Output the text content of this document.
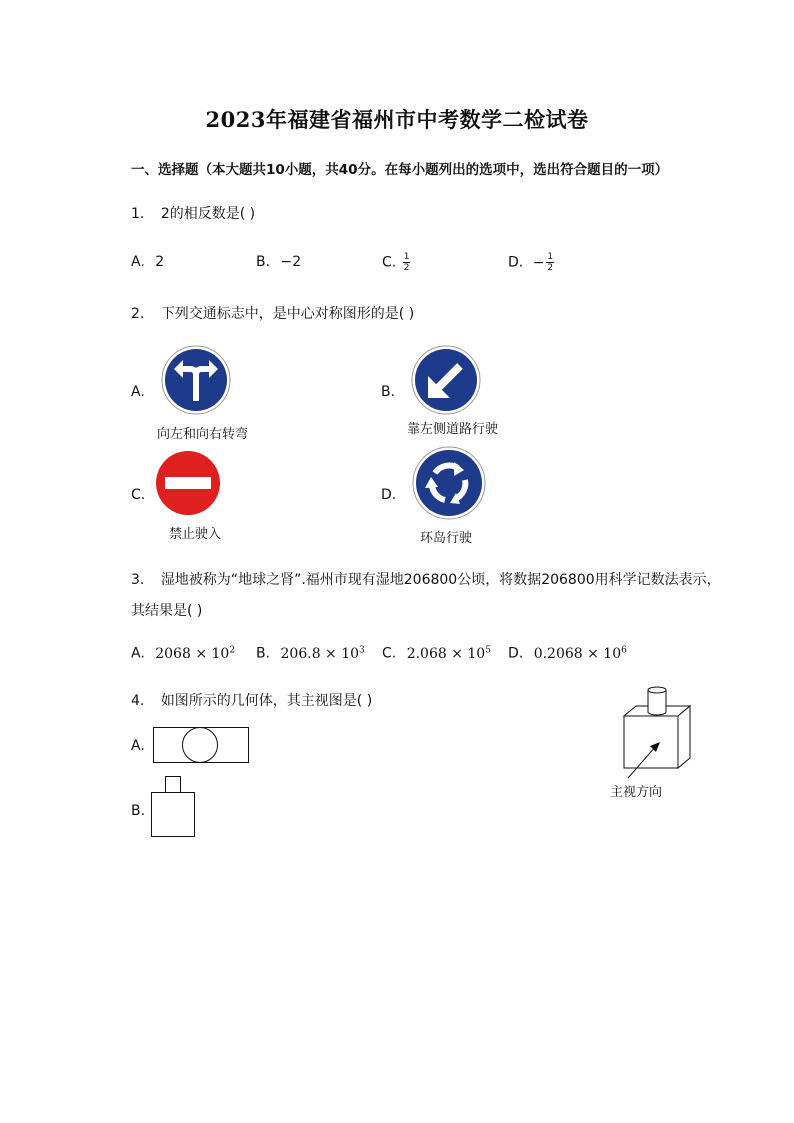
2023年福建省福州市中考数学二检试卷
一、选择题（本大题共10小题，共40分。在每小题列出的选项中，选出符合题目的一项）
1. 2的相反数是( )
A. 2	B. −2	C. $\frac{1}{2}$	D. − $\frac{1}{2}$
2. 下列交通标志中，是中心对称图形的是( )
A.
向左和向右转弯
B.
靠左侧道路行驶
C.
禁止驶入
D.
环岛行驶
3. 湿地被称为“地球之肾”.福州市现有湿地206800公顷，将数据206800用科学记数法表示，
其结果是( )
A. $2068 \times 10^2$ B. $206.8 \times 10^3$ C. $2.068 \times 10^5$ D. $0.2068 \times 10^6$
4. 如图所示的几何体，其主视图是( )
主视方向
A.
B.
